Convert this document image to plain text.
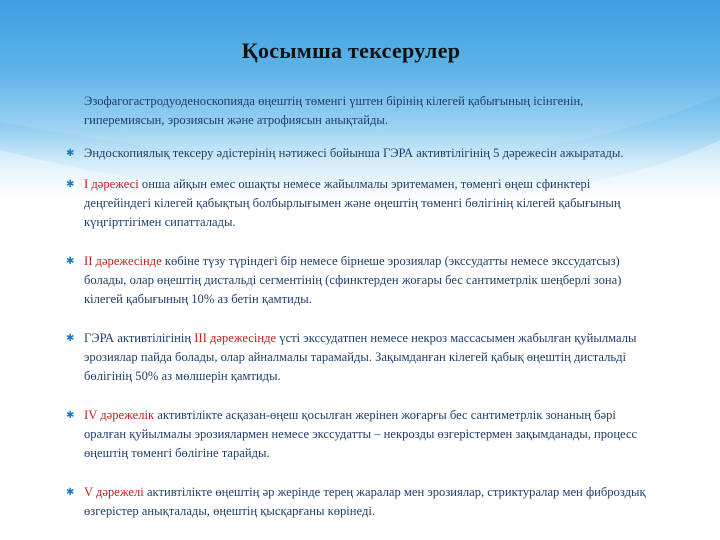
Қосымша тексерулер

Эзофагогастродуоденоскопияда өңештің төменгі үштен бірінің кілегей қабығының ісінгенін, гиперемиясын, эрозиясын және атрофиясын анықтайды.

✱ Эндоскопиялық тексеру әдістерінің нәтижесі бойынша ГЭРА активтілігінің 5 дәрежесін ажыратады.
✱ I дәрежесі онша айқын емес ошақты немесе жайылмалы эритемамен, төменгі өңеш сфинктері деңгейіндегі кілегей қабықтың болбырлығымен және өңештің төменгі бөлігінің кілегей қабығының күңгірттігімен сипатталады.
✱ II дәрежесінде көбіне түзу түріндегі бір немесе бірнеше эрозиялар (экссудатты немесе экссудатсыз) болады, олар өңештің дистальді сегментінің (сфинктерден жоғары бес сантиметрлік шеңберлі зона) кілегей қабығының 10% аз бетін қамтиды.
✱ ГЭРА активтілігінің III дәрежесінде үсті экссудатпен немесе некроз массасымен жабылған қуйылмалы эрозиялар пайда болады, олар айналмалы тарамайды. Зақымданған кілегей қабық өңештің дистальді бөлігінің 50% аз мөлшерін қамтиды.
✱ IV дәрежелік активтілікте асқазан-өңеш қосылған жерінен жоғарғы бес сантиметрлік зонаның бәрі оралған қуйылмалы эрозиялармен немесе экссудатты – некрозды өзгерістермен зақымданады, процесс өңештің төменгі бөлігіне тарайды.
✱ V дәрежелі активтілікте өңештің әр жерінде терең жаралар мен эрозиялар, стриктуралар мен фиброздық өзгерістер анықталады, өңештің қысқарғаны көрінеді.
